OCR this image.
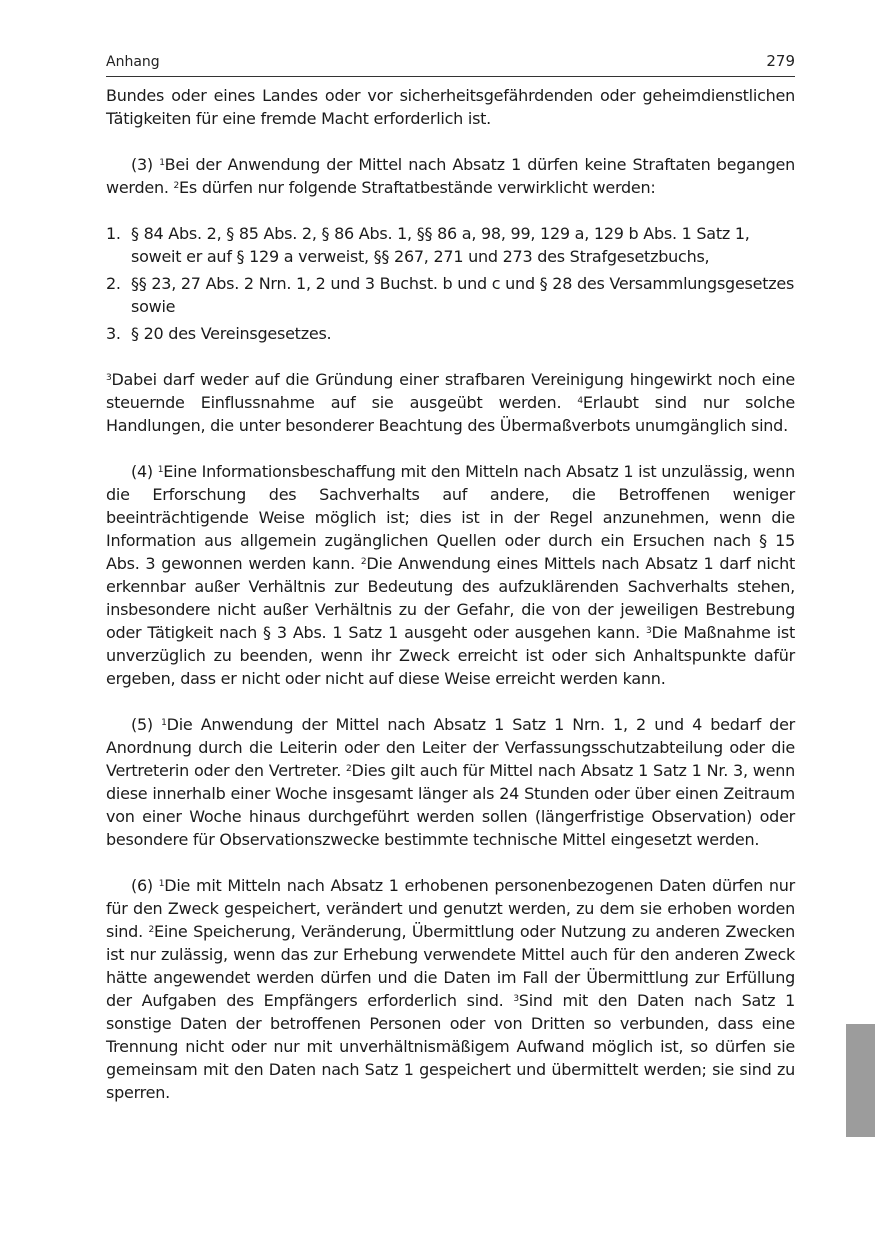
Anhang	279

Bundes oder eines Landes oder vor sicherheitsgefährdenden oder geheimdienstlichen Tätigkeiten für eine fremde Macht erforderlich ist.

(3) $^1$Bei der Anwendung der Mittel nach Absatz 1 dürfen keine Straftaten begangen werden. $^2$Es dürfen nur folgende Straftatbestände verwirklicht werden:

1. § 84 Abs. 2, § 85 Abs. 2, § 86 Abs. 1, §§ 86 a, 98, 99, 129 a, 129 b Abs. 1 Satz 1, soweit er auf § 129 a verweist, §§ 267, 271 und 273 des Strafgesetzbuchs,
2. §§ 23, 27 Abs. 2 Nrn. 1, 2 und 3 Buchst. b und c und § 28 des Versammlungsgesetzes sowie
3. § 20 des Vereinsgesetzes.

$^3$Dabei darf weder auf die Gründung einer strafbaren Vereinigung hingewirkt noch eine steuernde Einflussnahme auf sie ausgeübt werden. $^4$Erlaubt sind nur solche Handlungen, die unter besonderer Beachtung des Übermaßverbots unumgänglich sind.

(4) $^1$Eine Informationsbeschaffung mit den Mitteln nach Absatz 1 ist unzulässig, wenn die Erforschung des Sachverhalts auf andere, die Betroffenen weniger beeinträchtigende Weise möglich ist; dies ist in der Regel anzunehmen, wenn die Information aus allgemein zugänglichen Quellen oder durch ein Ersuchen nach § 15 Abs. 3 gewonnen werden kann. $^2$Die Anwendung eines Mittels nach Absatz 1 darf nicht erkennbar außer Verhältnis zur Bedeutung des aufzuklärenden Sachverhalts stehen, insbesondere nicht außer Verhältnis zu der Gefahr, die von der jeweiligen Bestrebung oder Tätigkeit nach § 3 Abs. 1 Satz 1 ausgeht oder ausgehen kann. $^3$Die Maßnahme ist unverzüglich zu beenden, wenn ihr Zweck erreicht ist oder sich Anhaltspunkte dafür ergeben, dass er nicht oder nicht auf diese Weise erreicht werden kann.

(5) $^1$Die Anwendung der Mittel nach Absatz 1 Satz 1 Nrn. 1, 2 und 4 bedarf der Anordnung durch die Leiterin oder den Leiter der Verfassungsschutzabteilung oder die Vertreterin oder den Vertreter. $^2$Dies gilt auch für Mittel nach Absatz 1 Satz 1 Nr. 3, wenn diese innerhalb einer Woche insgesamt länger als 24 Stunden oder über einen Zeitraum von einer Woche hinaus durchgeführt werden sollen (längerfristige Observation) oder besondere für Observationszwecke bestimmte technische Mittel eingesetzt werden.

(6) $^1$Die mit Mitteln nach Absatz 1 erhobenen personenbezogenen Daten dürfen nur für den Zweck gespeichert, verändert und genutzt werden, zu dem sie erhoben worden sind. $^2$Eine Speicherung, Veränderung, Übermittlung oder Nutzung zu anderen Zwecken ist nur zulässig, wenn das zur Erhebung verwendete Mittel auch für den anderen Zweck hätte angewendet werden dürfen und die Daten im Fall der Übermittlung zur Erfüllung der Aufgaben des Empfängers erforderlich sind. $^3$Sind mit den Daten nach Satz 1 sonstige Daten der betroffenen Personen oder von Dritten so verbunden, dass eine Trennung nicht oder nur mit unverhältnismäßigem Aufwand möglich ist, so dürfen sie gemeinsam mit den Daten nach Satz 1 gespeichert und übermittelt werden; sie sind zu sperren.
